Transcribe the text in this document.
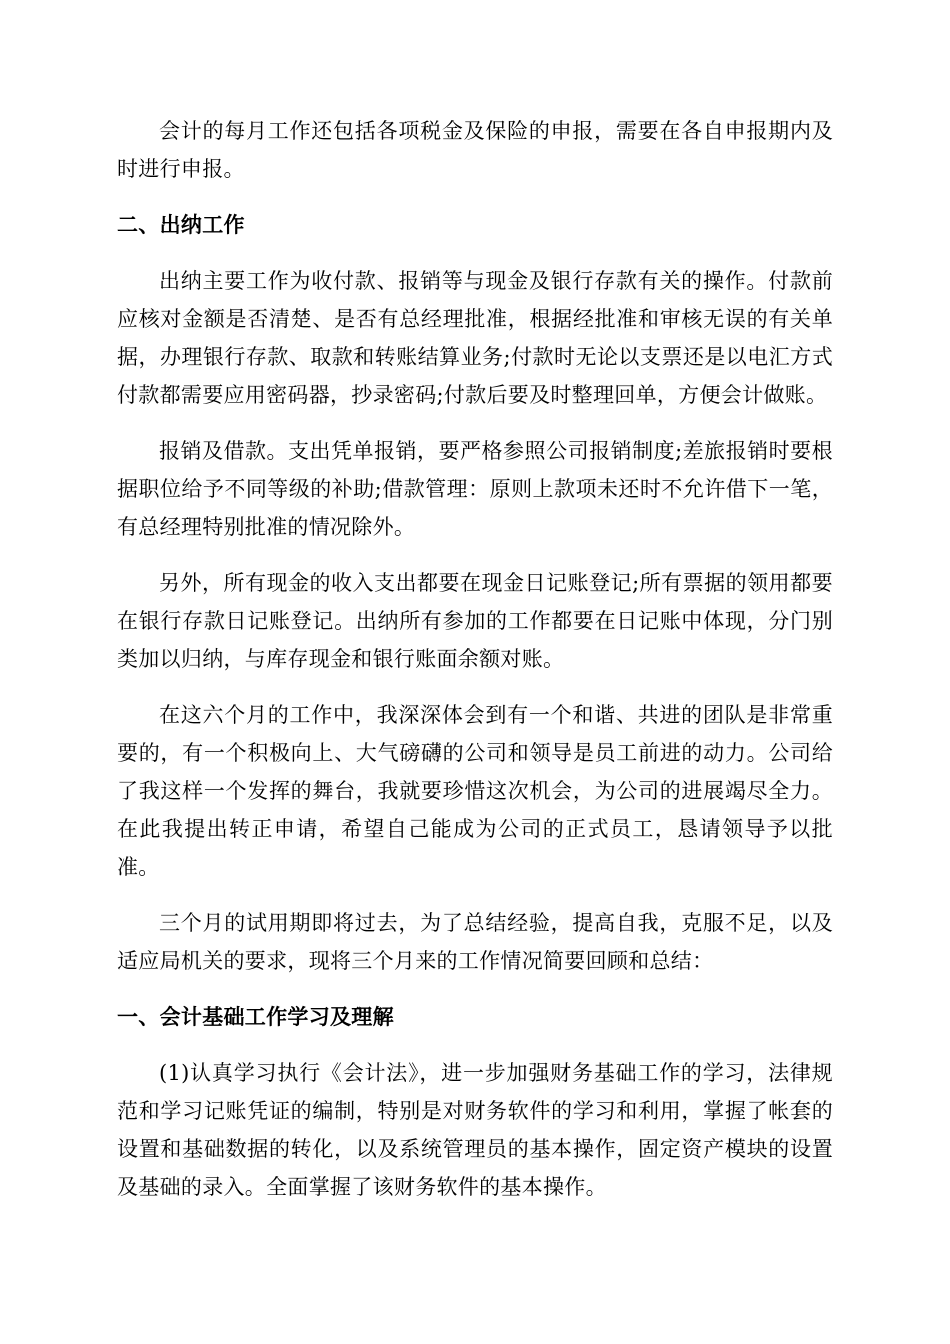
会计的每月工作还包括各项税金及保险的申报，需要在各自申报期内及时进行申报。

二、出纳工作

出纳主要工作为收付款、报销等与现金及银行存款有关的操作。付款前应核对金额是否清楚、是否有总经理批准，根据经批准和审核无误的有关单据，办理银行存款、取款和转账结算业务;付款时无论以支票还是以电汇方式付款都需要应用密码器，抄录密码;付款后要及时整理回单，方便会计做账。

报销及借款。支出凭单报销，要严格参照公司报销制度;差旅报销时要根据职位给予不同等级的补助;借款管理：原则上款项未还时不允许借下一笔，有总经理特别批准的情况除外。

另外，所有现金的收入支出都要在现金日记账登记;所有票据的领用都要在银行存款日记账登记。出纳所有参加的工作都要在日记账中体现，分门别类加以归纳，与库存现金和银行账面余额对账。

在这六个月的工作中，我深深体会到有一个和谐、共进的团队是非常重要的，有一个积极向上、大气磅礴的公司和领导是员工前进的动力。公司给了我这样一个发挥的舞台，我就要珍惜这次机会，为公司的进展竭尽全力。在此我提出转正申请，希望自己能成为公司的正式员工，恳请领导予以批准。

三个月的试用期即将过去，为了总结经验，提高自我，克服不足，以及适应局机关的要求，现将三个月来的工作情况简要回顾和总结：

一、会计基础工作学习及理解

(1)认真学习执行《会计法》，进一步加强财务基础工作的学习，法律规范和学习记账凭证的编制，特别是对财务软件的学习和利用，掌握了帐套的设置和基础数据的转化，以及系统管理员的基本操作，固定资产模块的设置及基础的录入。全面掌握了该财务软件的基本操作。
